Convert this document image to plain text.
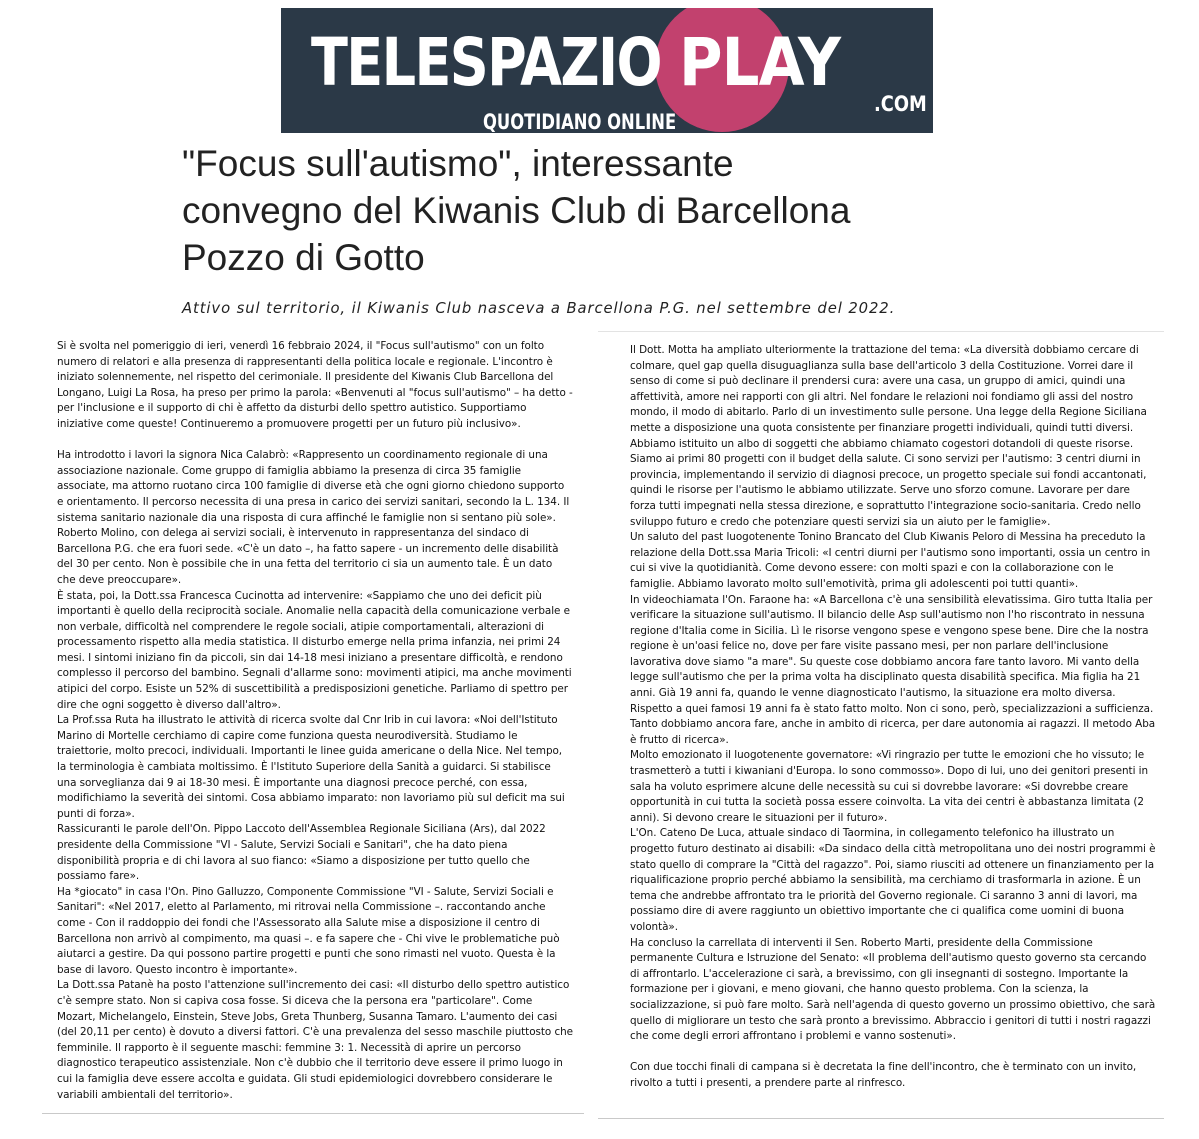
TELESPAZIO PLAY
.COM
QUOTIDIANO ONLINE
"Focus sull'autismo", interessante
convegno del Kiwanis Club di Barcellona
Pozzo di Gotto
Attivo sul territorio, il Kiwanis Club nasceva a Barcellona P.G. nel settembre del 2022.

Si è svolta nel pomeriggio di ieri, venerdì 16 febbraio 2024, il "Focus sull'autismo" con un folto numero di relatori e alla presenza di rappresentanti della politica locale e regionale. L'incontro è iniziato solennemente, nel rispetto del cerimoniale. Il presidente del Kiwanis Club Barcellona del Longano, Luigi La Rosa, ha preso per primo la parola: «Benvenuti al "focus sull'autismo" – ha detto - per l'inclusione e il supporto di chi è affetto da disturbi dello spettro autistico. Supportiamo iniziative come queste! Continueremo a promuovere progetti per un futuro più inclusivo».

Ha introdotto i lavori la signora Nica Calabrò: «Rappresento un coordinamento regionale di una associazione nazionale. Come gruppo di famiglia abbiamo la presenza di circa 35 famiglie associate, ma attorno ruotano circa 100 famiglie di diverse età che ogni giorno chiedono supporto e orientamento. Il percorso necessita di una presa in carico dei servizi sanitari, secondo la L. 134. Il sistema sanitario nazionale dia una risposta di cura affinché le famiglie non si sentano più sole».

Roberto Molino, con delega ai servizi sociali, è intervenuto in rappresentanza del sindaco di Barcellona P.G. che era fuori sede. «C'è un dato –, ha fatto sapere - un incremento delle disabilità del 30 per cento. Non è possibile che in una fetta del territorio ci sia un aumento tale. È un dato che deve preoccupare».

È stata, poi, la Dott.ssa Francesca Cucinotta ad intervenire: «Sappiamo che uno dei deficit più importanti è quello della reciprocità sociale. Anomalie nella capacità della comunicazione verbale e non verbale, difficoltà nel comprendere le regole sociali, atipie comportamentali, alterazioni di processamento rispetto alla media statistica. Il disturbo emerge nella prima infanzia, nei primi 24 mesi. I sintomi iniziano fin da piccoli, sin dai 14-18 mesi iniziano a presentare difficoltà, e rendono complesso il percorso del bambino. Segnali d'allarme sono: movimenti atipici, ma anche movimenti atipici del corpo. Esiste un 52% di suscettibilità a predisposizioni genetiche. Parliamo di spettro per dire che ogni soggetto è diverso dall'altro».

La Prof.ssa Ruta ha illustrato le attività di ricerca svolte dal Cnr Irib in cui lavora: «Noi dell'Istituto Marino di Mortelle cerchiamo di capire come funziona questa neurodiversità. Studiamo le traiettorie, molto precoci, individuali. Importanti le linee guida americane o della Nice. Nel tempo, la terminologia è cambiata moltissimo. È l'Istituto Superiore della Sanità a guidarci. Si stabilisce una sorveglianza dai 9 ai 18-30 mesi. È importante una diagnosi precoce perché, con essa, modifichiamo la severità dei sintomi. Cosa abbiamo imparato: non lavoriamo più sul deficit ma sui punti di forza».

Rassicuranti le parole dell'On. Pippo Laccoto dell'Assemblea Regionale Siciliana (Ars), dal 2022 presidente della Commissione "VI - Salute, Servizi Sociali e Sanitari", che ha dato piena disponibilità propria e di chi lavora al suo fianco: «Siamo a disposizione per tutto quello che possiamo fare».

Ha *giocato" in casa l'On. Pino Galluzzo, Componente Commissione "VI - Salute, Servizi Sociali e Sanitari": «Nel 2017, eletto al Parlamento, mi ritrovai nella Commissione –. raccontando anche come - Con il raddoppio dei fondi che l'Assessorato alla Salute mise a disposizione il centro di Barcellona non arrivò al compimento, ma quasi –. e fa sapere che - Chi vive le problematiche può aiutarci a gestire. Da qui possono partire progetti e punti che sono rimasti nel vuoto. Questa è la base di lavoro. Questo incontro è importante».

La Dott.ssa Patanè ha posto l'attenzione sull'incremento dei casi: «Il disturbo dello spettro autistico c'è sempre stato. Non si capiva cosa fosse. Si diceva che la persona era "particolare". Come Mozart, Michelangelo, Einstein, Steve Jobs, Greta Thunberg, Susanna Tamaro. L'aumento dei casi (del 20,11 per cento) è dovuto a diversi fattori. C'è una prevalenza del sesso maschile piuttosto che femminile. Il rapporto è il seguente maschi: femmine 3: 1. Necessità di aprire un percorso diagnostico terapeutico assistenziale. Non c'è dubbio che il territorio deve essere il primo luogo in cui la famiglia deve essere accolta e guidata. Gli studi epidemiologici dovrebbero considerare le variabili ambientali del territorio».

Il Dott. Motta ha ampliato ulteriormente la trattazione del tema: «La diversità dobbiamo cercare di colmare, quel gap quella disuguaglianza sulla base dell'articolo 3 della Costituzione. Vorrei dare il senso di come si può declinare il prendersi cura: avere una casa, un gruppo di amici, quindi una affettività, amore nei rapporti con gli altri. Nel fondare le relazioni noi fondiamo gli assi del nostro mondo, il modo di abitarlo. Parlo di un investimento sulle persone. Una legge della Regione Siciliana mette a disposizione una quota consistente per finanziare progetti individuali, quindi tutti diversi. Abbiamo istituito un albo di soggetti che abbiamo chiamato cogestori dotandoli di queste risorse. Siamo ai primi 80 progetti con il budget della salute. Ci sono servizi per l'autismo: 3 centri diurni in provincia, implementando il servizio di diagnosi precoce, un progetto speciale sui fondi accantonati, quindi le risorse per l'autismo le abbiamo utilizzate. Serve uno sforzo comune. Lavorare per dare forza tutti impegnati nella stessa direzione, e soprattutto l'integrazione socio-sanitaria. Credo nello sviluppo futuro e credo che potenziare questi servizi sia un aiuto per le famiglie».

Un saluto del past luogotenente Tonino Brancato del Club Kiwanis Peloro di Messina ha preceduto la relazione della Dott.ssa Maria Tricoli: «I centri diurni per l'autismo sono importanti, ossia un centro in cui si vive la quotidianità. Come devono essere: con molti spazi e con la collaborazione con le famiglie. Abbiamo lavorato molto sull'emotività, prima gli adolescenti poi tutti quanti».

In videochiamata l'On. Faraone ha: «A Barcellona c'è una sensibilità elevatissima. Giro tutta Italia per verificare la situazione sull'autismo. Il bilancio delle Asp sull'autismo non l'ho riscontrato in nessuna regione d'Italia come in Sicilia. Lì le risorse vengono spese e vengono spese bene. Dire che la nostra regione è un'oasi felice no, dove per fare visite passano mesi, per non parlare dell'inclusione lavorativa dove siamo "a mare". Su queste cose dobbiamo ancora fare tanto lavoro. Mi vanto della legge sull'autismo che per la prima volta ha disciplinato questa disabilità specifica. Mia figlia ha 21 anni. Già 19 anni fa, quando le venne diagnosticato l'autismo, la situazione era molto diversa. Rispetto a quei famosi 19 anni fa è stato fatto molto. Non ci sono, però, specializzazioni a sufficienza. Tanto dobbiamo ancora fare, anche in ambito di ricerca, per dare autonomia ai ragazzi. Il metodo Aba è frutto di ricerca».

Molto emozionato il luogotenente governatore: «Vi ringrazio per tutte le emozioni che ho vissuto; le trasmetterò a tutti i kiwaniani d'Europa. Io sono commosso». Dopo di lui, uno dei genitori presenti in sala ha voluto esprimere alcune delle necessità su cui si dovrebbe lavorare: «Si dovrebbe creare opportunità in cui tutta la società possa essere coinvolta. La vita dei centri è abbastanza limitata (2 anni). Si devono creare le situazioni per il futuro».

L'On. Cateno De Luca, attuale sindaco di Taormina, in collegamento telefonico ha illustrato un progetto futuro destinato ai disabili: «Da sindaco della città metropolitana uno dei nostri programmi è stato quello di comprare la "Città del ragazzo". Poi, siamo riusciti ad ottenere un finanziamento per la riqualificazione proprio perché abbiamo la sensibilità, ma cerchiamo di trasformarla in azione. È un tema che andrebbe affrontato tra le priorità del Governo regionale. Ci saranno 3 anni di lavori, ma possiamo dire di avere raggiunto un obiettivo importante che ci qualifica come uomini di buona volontà».

Ha concluso la carrellata di interventi il Sen. Roberto Marti, presidente della Commissione permanente Cultura e Istruzione del Senato: «Il problema dell'autismo questo governo sta cercando di affrontarlo. L'accelerazione ci sarà, a brevissimo, con gli insegnanti di sostegno. Importante la formazione per i giovani, e meno giovani, che hanno questo problema. Con la scienza, la socializzazione, si può fare molto. Sarà nell'agenda di questo governo un prossimo obiettivo, che sarà quello di migliorare un testo che sarà pronto a brevissimo. Abbraccio i genitori di tutti i nostri ragazzi che come degli errori affrontano i problemi e vanno sostenuti».

Con due tocchi finali di campana si è decretata la fine dell'incontro, che è terminato con un invito, rivolto a tutti i presenti, a prendere parte al rinfresco.
